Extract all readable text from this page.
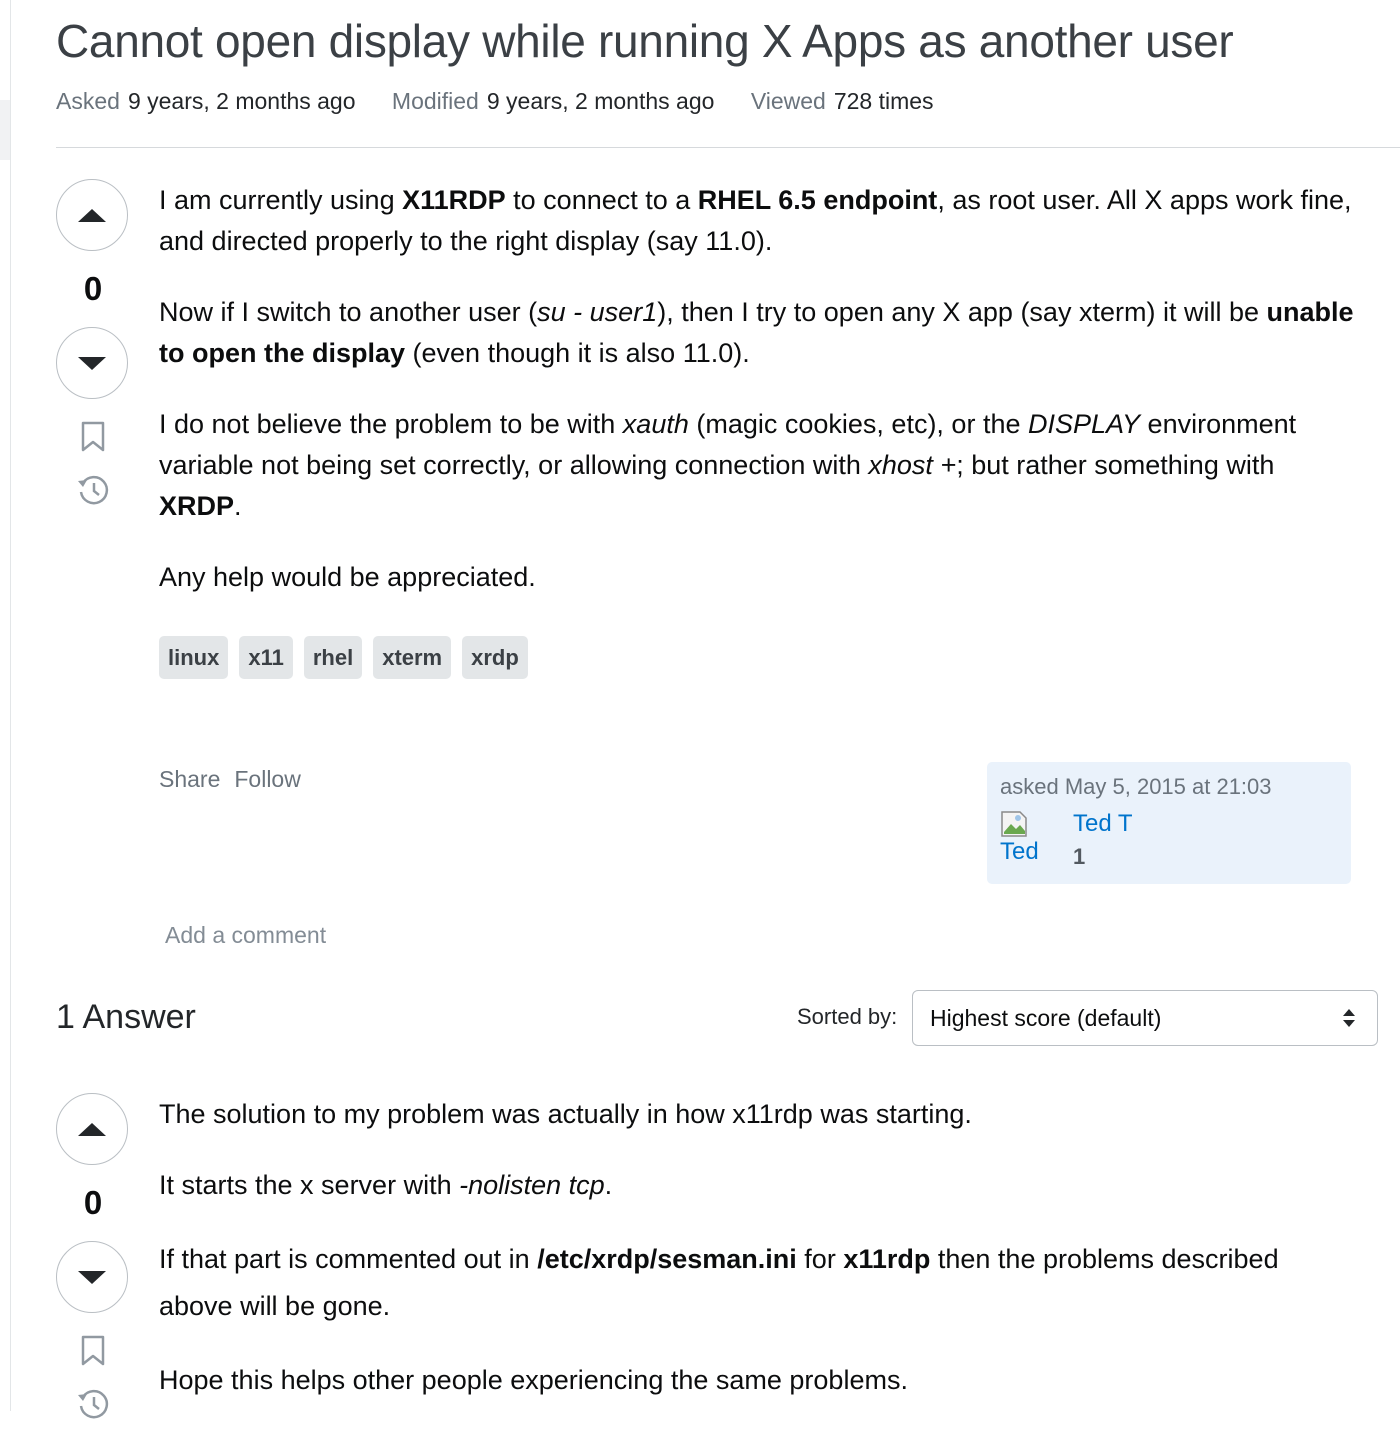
Cannot open display while running X Apps as another user
Asked 9 years, 2 months ago Modified 9 years, 2 months ago Viewed 728 times
0

I am currently using X11RDP to connect to a RHEL 6.5 endpoint, as root user. All X apps work fine, and directed properly to the right display (say 11.0).

Now if I switch to another user (su - user1), then I try to open any X app (say xterm) it will be unable to open the display (even though it is also 11.0).

I do not believe the problem to be with xauth (magic cookies, etc), or the DISPLAY environment variable not being set correctly, or allowing connection with xhost +; but rather something with XRDP.

Any help would be appreciated.

linux	x11	rhel	xterm	xrdp
Share Follow	asked May 5, 2015 at 21:03
Ted
Ted T
1
Add a comment
1 Answer	Sorted by:	Highest score (default)
0

The solution to my problem was actually in how x11rdp was starting.

It starts the x server with -nolisten tcp.

If that part is commented out in /etc/xrdp/sesman.ini for x11rdp then the problems described above will be gone.

Hope this helps other people experiencing the same problems.
